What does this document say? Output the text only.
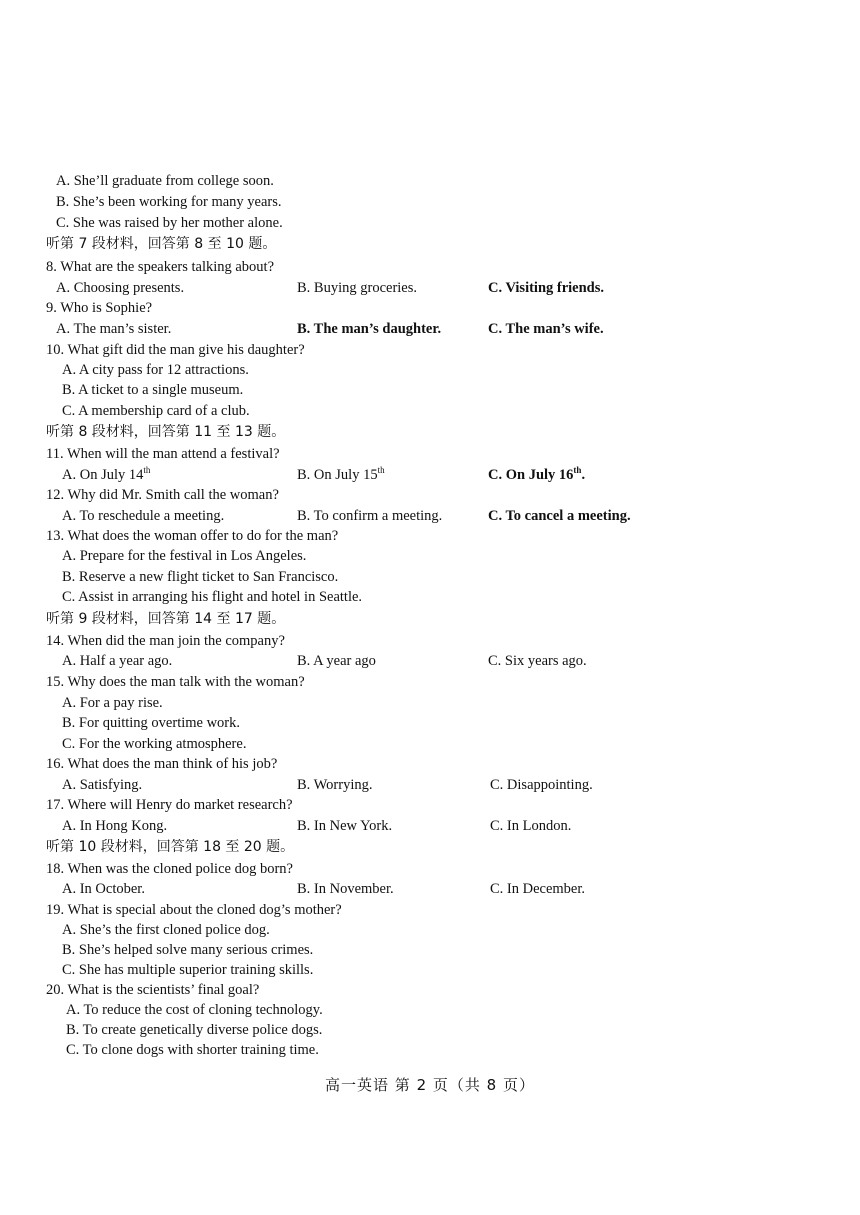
A. She’ll graduate from college soon.
B. She’s been working for many years.
C. She was raised by her mother alone.
听第 7 段材料，回答第 8 至 10 题。
8. What are the speakers talking about?
A. Choosing presents.	B. Buying groceries.	C. Visiting friends.
9. Who is Sophie?
A. The man’s sister.	B. The man’s daughter.	C. The man’s wife.
10. What gift did the man give his daughter?
A. A city pass for 12 attractions.
B. A ticket to a single museum.
C. A membership card of a club.
听第 8 段材料，回答第 11 至 13 题。
11. When will the man attend a festival?
A. On July 14th	B. On July 15th	C. On July 16th.
12. Why did Mr. Smith call the woman?
A. To reschedule a meeting.	B. To confirm a meeting.	C. To cancel a meeting.
13. What does the woman offer to do for the man?
A. Prepare for the festival in Los Angeles.
B. Reserve a new flight ticket to San Francisco.
C. Assist in arranging his flight and hotel in Seattle.
听第 9 段材料，回答第 14 至 17 题。
14. When did the man join the company?
A. Half a year ago.	B. A year ago	C. Six years ago.
15. Why does the man talk with the woman?
A. For a pay rise.
B. For quitting overtime work.
C. For the working atmosphere.
16. What does the man think of his job?
A. Satisfying.	B. Worrying.	C. Disappointing.
17. Where will Henry do market research?
A. In Hong Kong.	B. In New York.	C. In London.
听第 10 段材料，回答第 18 至 20 题。
18. When was the cloned police dog born?
A. In October.	B. In November.	C. In December.
19. What is special about the cloned dog’s mother?
A. She’s the first cloned police dog.
B. She’s helped solve many serious crimes.
C. She has multiple superior training skills.
20. What is the scientists’ final goal?
A. To reduce the cost of cloning technology.
B. To create genetically diverse police dogs.
C. To clone dogs with shorter training time.
高一英语 第 2 页（共 8 页）
